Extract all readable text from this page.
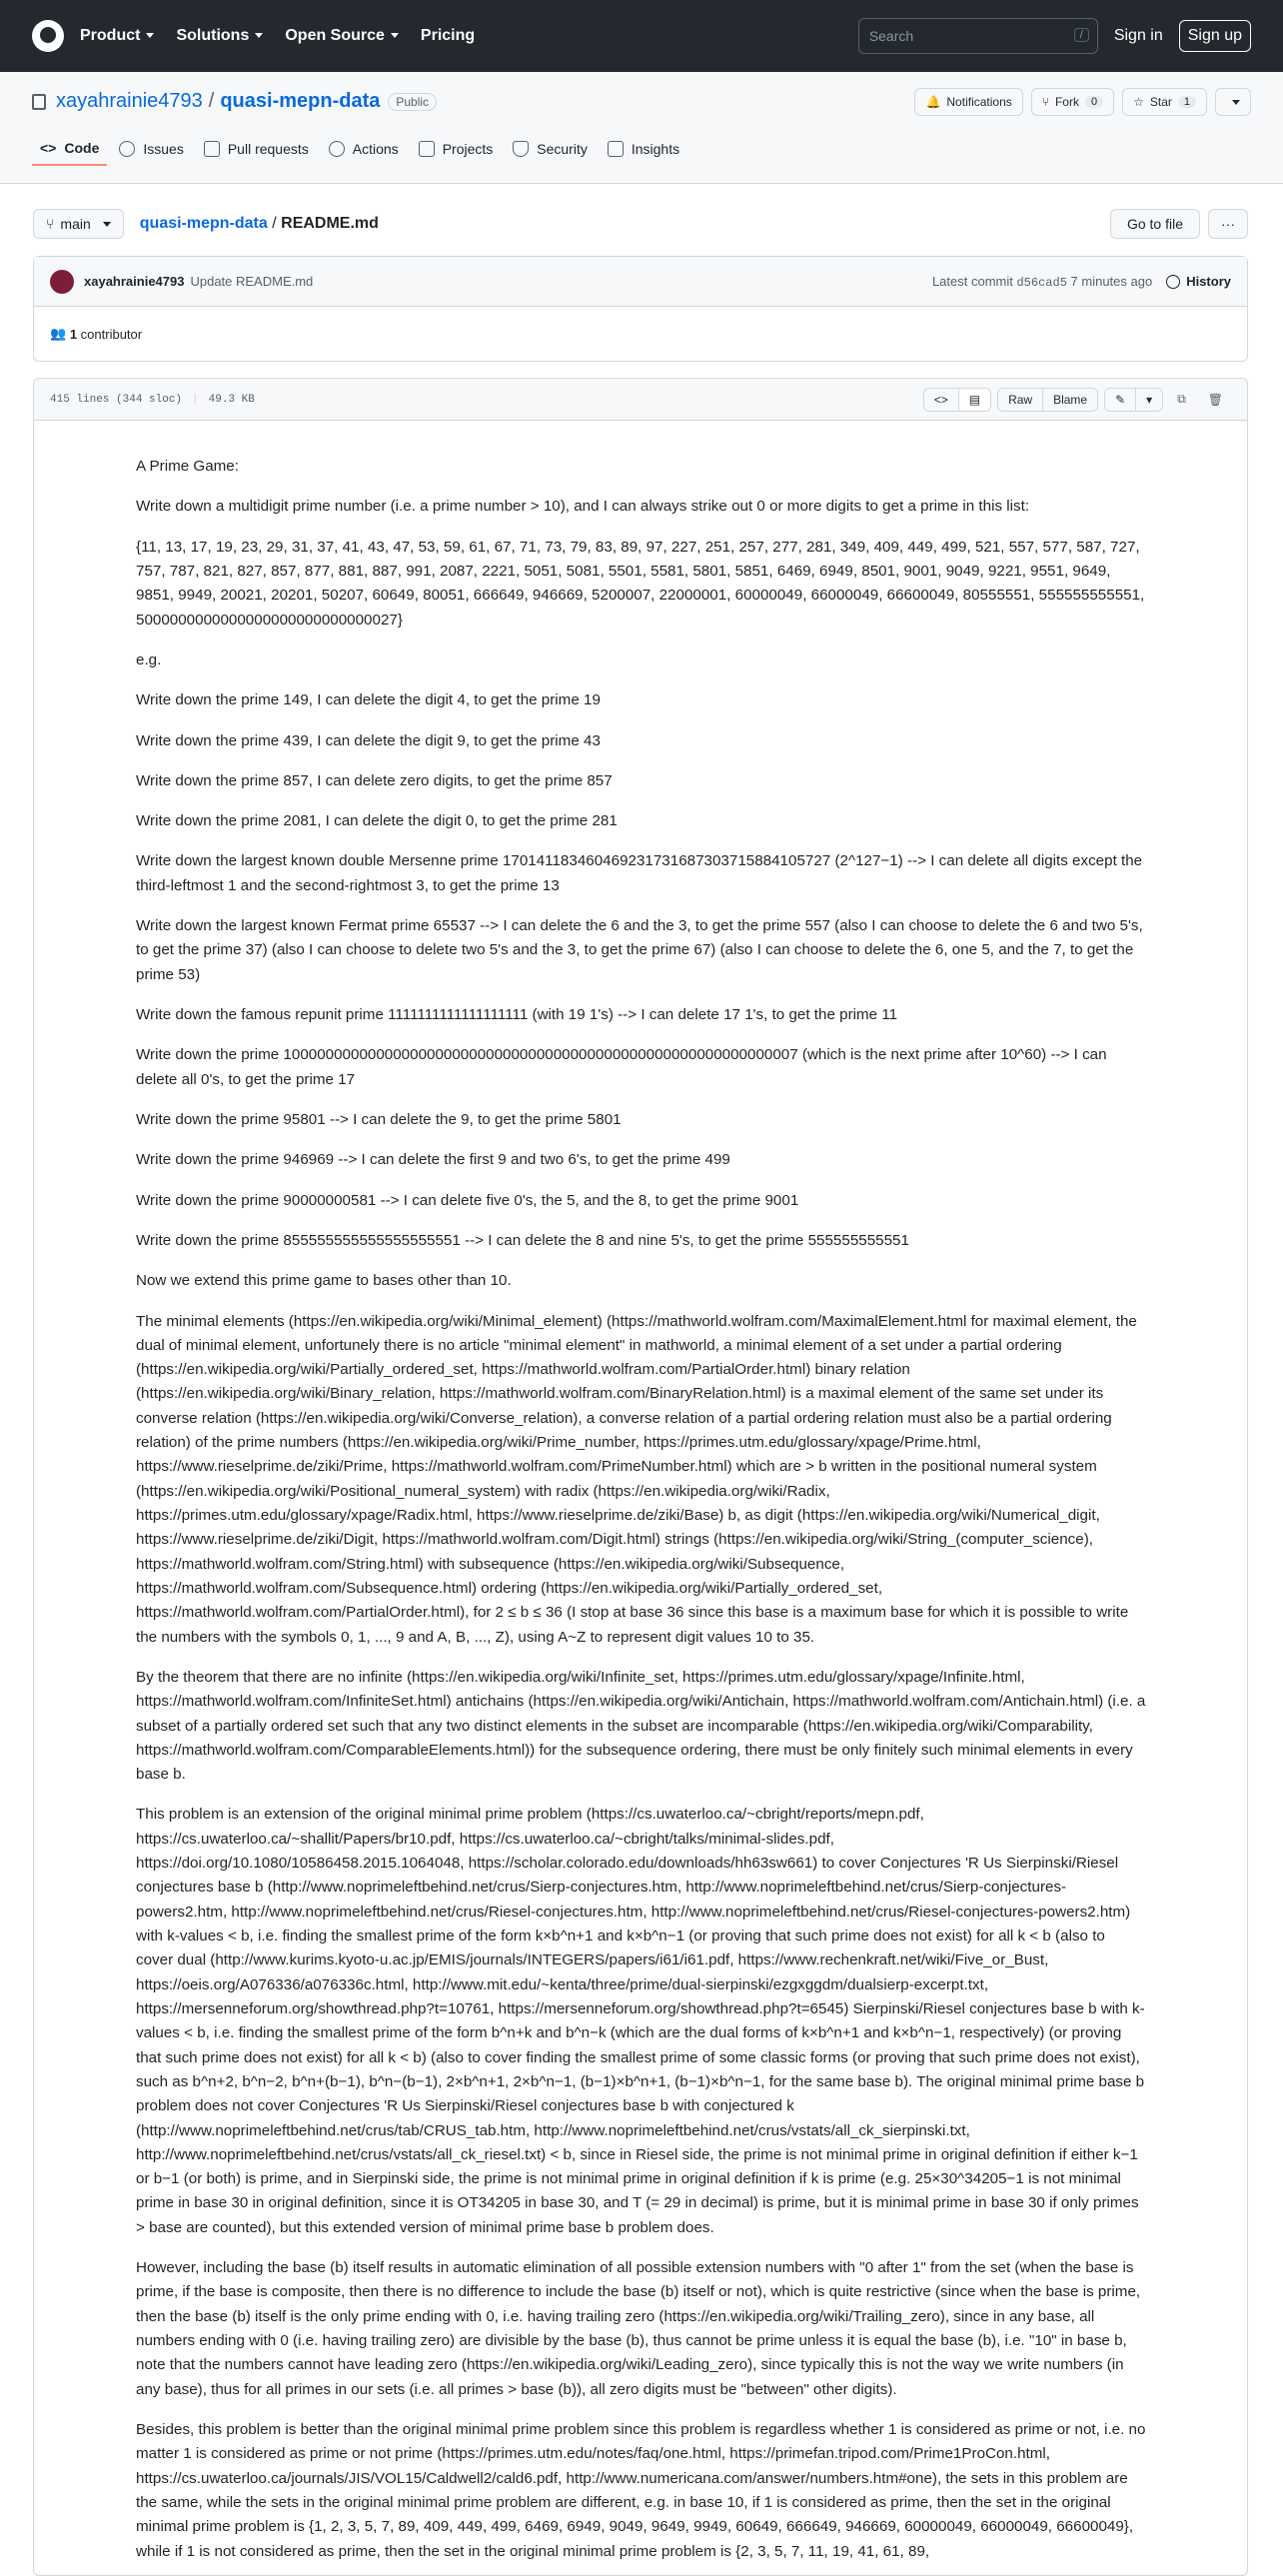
Product	Solutions	Open Source	Pricing	Search	/	Sign in	Sign up
xayahrainie4793 / quasi-mepn-data	Public	🔔 Notifications	⑂ Fork	0	☆ Star	1
<> Code	Issues	Pull requests	Actions	Projects	Security	Insights
⑂ main	quasi-mepn-data / README.md	Go to file	···
xayahrainie4793 Update README.md	Latest commit d56cad5 7 minutes ago	History
👥
1
contributor
415 lines (344 sloc) | 49.3 KB	<>	▤	Raw	Blame	✎	▾	⧉	🗑

A Prime Game:

Write down a multidigit prime number (i.e. a prime number > 10), and I can always strike out 0 or more digits to get a prime in this list:

{11, 13, 17, 19, 23, 29, 31, 37, 41, 43, 47, 53, 59, 61, 67, 71, 73, 79, 83, 89, 97, 227, 251, 257, 277, 281, 349, 409, 449, 499, 521, 557, 577, 587, 727, 757, 787, 821, 827, 857, 877, 881, 887, 991, 2087, 2221, 5051, 5081, 5501, 5581, 5801, 5851, 6469, 6949, 8501, 9001, 9049, 9221, 9551, 9649, 9851, 9949, 20021, 20201, 50207, 60649, 80051, 666649, 946669, 5200007, 22000001, 60000049, 66000049, 66600049, 80555551, 555555555551, 5000000000000000000000000000027}

e.g.

Write down the prime 149, I can delete the digit 4, to get the prime 19

Write down the prime 439, I can delete the digit 9, to get the prime 43

Write down the prime 857, I can delete zero digits, to get the prime 857

Write down the prime 2081, I can delete the digit 0, to get the prime 281

Write down the largest known double Mersenne prime 170141183460469231731687303715884105727 (2^127−1) --> I can delete all digits except the third-leftmost 1 and the second-rightmost 3, to get the prime 13

Write down the largest known Fermat prime 65537 --> I can delete the 6 and the 3, to get the prime 557 (also I can choose to delete the 6 and two 5's, to get the prime 37) (also I can choose to delete two 5's and the 3, to get the prime 67) (also I can choose to delete the 6, one 5, and the 7, to get the prime 53)

Write down the famous repunit prime 1111111111111111111 (with 19 1's) --> I can delete 17 1's, to get the prime 11

Write down the prime 1000000000000000000000000000000000000000000000000000000000007 (which is the next prime after 10^60) --> I can delete all 0's, to get the prime 17

Write down the prime 95801 --> I can delete the 9, to get the prime 5801

Write down the prime 946969 --> I can delete the first 9 and two 6's, to get the prime 499

Write down the prime 90000000581 --> I can delete five 0's, the 5, and the 8, to get the prime 9001

Write down the prime 855555555555555555551 --> I can delete the 8 and nine 5's, to get the prime 555555555551

Now we extend this prime game to bases other than 10.

The minimal elements (https://en.wikipedia.org/wiki/Minimal_element) (https://mathworld.wolfram.com/MaximalElement.html for maximal element, the dual of minimal element, unfortunely there is no article "minimal element" in mathworld, a minimal element of a set under a partial ordering (https://en.wikipedia.org/wiki/Partially_ordered_set, https://mathworld.wolfram.com/PartialOrder.html) binary relation (https://en.wikipedia.org/wiki/Binary_relation, https://mathworld.wolfram.com/BinaryRelation.html) is a maximal element of the same set under its converse relation (https://en.wikipedia.org/wiki/Converse_relation), a converse relation of a partial ordering relation must also be a partial ordering relation) of the prime numbers (https://en.wikipedia.org/wiki/Prime_number, https://primes.utm.edu/glossary/xpage/Prime.html, https://www.rieselprime.de/ziki/Prime, https://mathworld.wolfram.com/PrimeNumber.html) which are > b written in the positional numeral system (https://en.wikipedia.org/wiki/Positional_numeral_system) with radix (https://en.wikipedia.org/wiki/Radix, https://primes.utm.edu/glossary/xpage/Radix.html, https://www.rieselprime.de/ziki/Base) b, as digit (https://en.wikipedia.org/wiki/Numerical_digit, https://www.rieselprime.de/ziki/Digit, https://mathworld.wolfram.com/Digit.html) strings (https://en.wikipedia.org/wiki/String_(computer_science), https://mathworld.wolfram.com/String.html) with subsequence (https://en.wikipedia.org/wiki/Subsequence, https://mathworld.wolfram.com/Subsequence.html) ordering (https://en.wikipedia.org/wiki/Partially_ordered_set, https://mathworld.wolfram.com/PartialOrder.html), for 2 ≤ b ≤ 36 (I stop at base 36 since this base is a maximum base for which it is possible to write the numbers with the symbols 0, 1, ..., 9 and A, B, ..., Z), using A~Z to represent digit values 10 to 35.

By the theorem that there are no infinite (https://en.wikipedia.org/wiki/Infinite_set, https://primes.utm.edu/glossary/xpage/Infinite.html, https://mathworld.wolfram.com/InfiniteSet.html) antichains (https://en.wikipedia.org/wiki/Antichain, https://mathworld.wolfram.com/Antichain.html) (i.e. a subset of a partially ordered set such that any two distinct elements in the subset are incomparable (https://en.wikipedia.org/wiki/Comparability, https://mathworld.wolfram.com/ComparableElements.html)) for the subsequence ordering, there must be only finitely such minimal elements in every base b.

This problem is an extension of the original minimal prime problem (https://cs.uwaterloo.ca/~cbright/reports/mepn.pdf, https://cs.uwaterloo.ca/~shallit/Papers/br10.pdf, https://cs.uwaterloo.ca/~cbright/talks/minimal-slides.pdf, https://doi.org/10.1080/10586458.2015.1064048, https://scholar.colorado.edu/downloads/hh63sw661) to cover Conjectures 'R Us Sierpinski/Riesel conjectures base b (http://www.noprimeleftbehind.net/crus/Sierp-conjectures.htm, http://www.noprimeleftbehind.net/crus/Sierp-conjectures-powers2.htm, http://www.noprimeleftbehind.net/crus/Riesel-conjectures.htm, http://www.noprimeleftbehind.net/crus/Riesel-conjectures-powers2.htm) with k-values < b, i.e. finding the smallest prime of the form k×b^n+1 and k×b^n−1 (or proving that such prime does not exist) for all k < b (also to cover dual (http://www.kurims.kyoto-u.ac.jp/EMIS/journals/INTEGERS/papers/i61/i61.pdf, https://www.rechenkraft.net/wiki/Five_or_Bust, https://oeis.org/A076336/a076336c.html, http://www.mit.edu/~kenta/three/prime/dual-sierpinski/ezgxggdm/dualsierp-excerpt.txt, https://mersenneforum.org/showthread.php?t=10761, https://mersenneforum.org/showthread.php?t=6545) Sierpinski/Riesel conjectures base b with k-values < b, i.e. finding the smallest prime of the form b^n+k and b^n−k (which are the dual forms of k×b^n+1 and k×b^n−1, respectively) (or proving that such prime does not exist) for all k < b) (also to cover finding the smallest prime of some classic forms (or proving that such prime does not exist), such as b^n+2, b^n−2, b^n+(b−1), b^n−(b−1), 2×b^n+1, 2×b^n−1, (b−1)×b^n+1, (b−1)×b^n−1, for the same base b). The original minimal prime base b problem does not cover Conjectures 'R Us Sierpinski/Riesel conjectures base b with conjectured k (http://www.noprimeleftbehind.net/crus/tab/CRUS_tab.htm, http://www.noprimeleftbehind.net/crus/vstats/all_ck_sierpinski.txt, http://www.noprimeleftbehind.net/crus/vstats/all_ck_riesel.txt) < b, since in Riesel side, the prime is not minimal prime in original definition if either k−1 or b−1 (or both) is prime, and in Sierpinski side, the prime is not minimal prime in original definition if k is prime (e.g. 25×30^34205−1 is not minimal prime in base 30 in original definition, since it is OT34205 in base 30, and T (= 29 in decimal) is prime, but it is minimal prime in base 30 if only primes > base are counted), but this extended version of minimal prime base b problem does.

However, including the base (b) itself results in automatic elimination of all possible extension numbers with "0 after 1" from the set (when the base is prime, if the base is composite, then there is no difference to include the base (b) itself or not), which is quite restrictive (since when the base is prime, then the base (b) itself is the only prime ending with 0, i.e. having trailing zero (https://en.wikipedia.org/wiki/Trailing_zero), since in any base, all numbers ending with 0 (i.e. having trailing zero) are divisible by the base (b), thus cannot be prime unless it is equal the base (b), i.e. "10" in base b, note that the numbers cannot have leading zero (https://en.wikipedia.org/wiki/Leading_zero), since typically this is not the way we write numbers (in any base), thus for all primes in our sets (i.e. all primes > base (b)), all zero digits must be "between" other digits).

Besides, this problem is better than the original minimal prime problem since this problem is regardless whether 1 is considered as prime or not, i.e. no matter 1 is considered as prime or not prime (https://primes.utm.edu/notes/faq/one.html, https://primefan.tripod.com/Prime1ProCon.html, https://cs.uwaterloo.ca/journals/JIS/VOL15/Caldwell2/cald6.pdf, http://www.numericana.com/answer/numbers.htm#one), the sets in this problem are the same, while the sets in the original minimal prime problem are different, e.g. in base 10, if 1 is considered as prime, then the set in the original minimal prime problem is {1, 2, 3, 5, 7, 89, 409, 449, 499, 6469, 6949, 9049, 9649, 9949, 60649, 666649, 946669, 60000049, 66000049, 66600049}, while if 1 is not considered as prime, then the set in the original minimal prime problem is {2, 3, 5, 7, 11, 19, 41, 61, 89,
